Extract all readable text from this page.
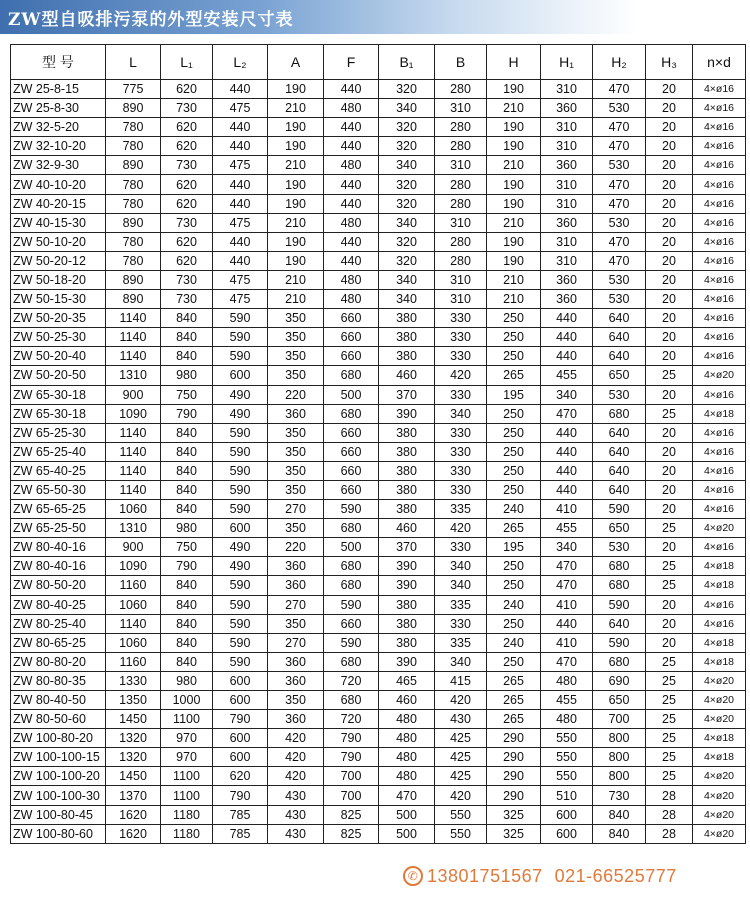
ZW型自吸排污泵的外型安装尺寸表
型 号	L	L₁	L₂	A	F	B₁	B	H	H₁	H₂	H₃	n×d
ZW 25-8-15	775	620	440	190	440	320	280	190	310	470	20	4×ø16
ZW 25-8-30	890	730	475	210	480	340	310	210	360	530	20	4×ø16
ZW 32-5-20	780	620	440	190	440	320	280	190	310	470	20	4×ø16
ZW 32-10-20	780	620	440	190	440	320	280	190	310	470	20	4×ø16
ZW 32-9-30	890	730	475	210	480	340	310	210	360	530	20	4×ø16
ZW 40-10-20	780	620	440	190	440	320	280	190	310	470	20	4×ø16
ZW 40-20-15	780	620	440	190	440	320	280	190	310	470	20	4×ø16
ZW 40-15-30	890	730	475	210	480	340	310	210	360	530	20	4×ø16
ZW 50-10-20	780	620	440	190	440	320	280	190	310	470	20	4×ø16
ZW 50-20-12	780	620	440	190	440	320	280	190	310	470	20	4×ø16
ZW 50-18-20	890	730	475	210	480	340	310	210	360	530	20	4×ø16
ZW 50-15-30	890	730	475	210	480	340	310	210	360	530	20	4×ø16
ZW 50-20-35	1140	840	590	350	660	380	330	250	440	640	20	4×ø16
ZW 50-25-30	1140	840	590	350	660	380	330	250	440	640	20	4×ø16
ZW 50-20-40	1140	840	590	350	660	380	330	250	440	640	20	4×ø16
ZW 50-20-50	1310	980	600	350	680	460	420	265	455	650	25	4×ø20
ZW 65-30-18	900	750	490	220	500	370	330	195	340	530	20	4×ø16
ZW 65-30-18	1090	790	490	360	680	390	340	250	470	680	25	4×ø18
ZW 65-25-30	1140	840	590	350	660	380	330	250	440	640	20	4×ø16
ZW 65-25-40	1140	840	590	350	660	380	330	250	440	640	20	4×ø16
ZW 65-40-25	1140	840	590	350	660	380	330	250	440	640	20	4×ø16
ZW 65-50-30	1140	840	590	350	660	380	330	250	440	640	20	4×ø16
ZW 65-65-25	1060	840	590	270	590	380	335	240	410	590	20	4×ø16
ZW 65-25-50	1310	980	600	350	680	460	420	265	455	650	25	4×ø20
ZW 80-40-16	900	750	490	220	500	370	330	195	340	530	20	4×ø16
ZW 80-40-16	1090	790	490	360	680	390	340	250	470	680	25	4×ø18
ZW 80-50-20	1160	840	590	360	680	390	340	250	470	680	25	4×ø18
ZW 80-40-25	1060	840	590	270	590	380	335	240	410	590	20	4×ø16
ZW 80-25-40	1140	840	590	350	660	380	330	250	440	640	20	4×ø16
ZW 80-65-25	1060	840	590	270	590	380	335	240	410	590	20	4×ø18
ZW 80-80-20	1160	840	590	360	680	390	340	250	470	680	25	4×ø18
ZW 80-80-35	1330	980	600	360	720	465	415	265	480	690	25	4×ø20
ZW 80-40-50	1350	1000	600	350	680	460	420	265	455	650	25	4×ø20
ZW 80-50-60	1450	1100	790	360	720	480	430	265	480	700	25	4×ø20
ZW 100-80-20	1320	970	600	420	790	480	425	290	550	800	25	4×ø18
ZW 100-100-15	1320	970	600	420	790	480	425	290	550	800	25	4×ø18
ZW 100-100-20	1450	1100	620	420	700	480	425	290	550	800	25	4×ø20
ZW 100-100-30	1370	1100	790	430	700	470	420	290	510	730	28	4×ø20
ZW 100-80-45	1620	1180	785	430	825	500	550	325	600	840	28	4×ø20
ZW 100-80-60	1620	1180	785	430	825	500	550	325	600	840	28	4×ø20
✆ 13801751567 021-66525777
